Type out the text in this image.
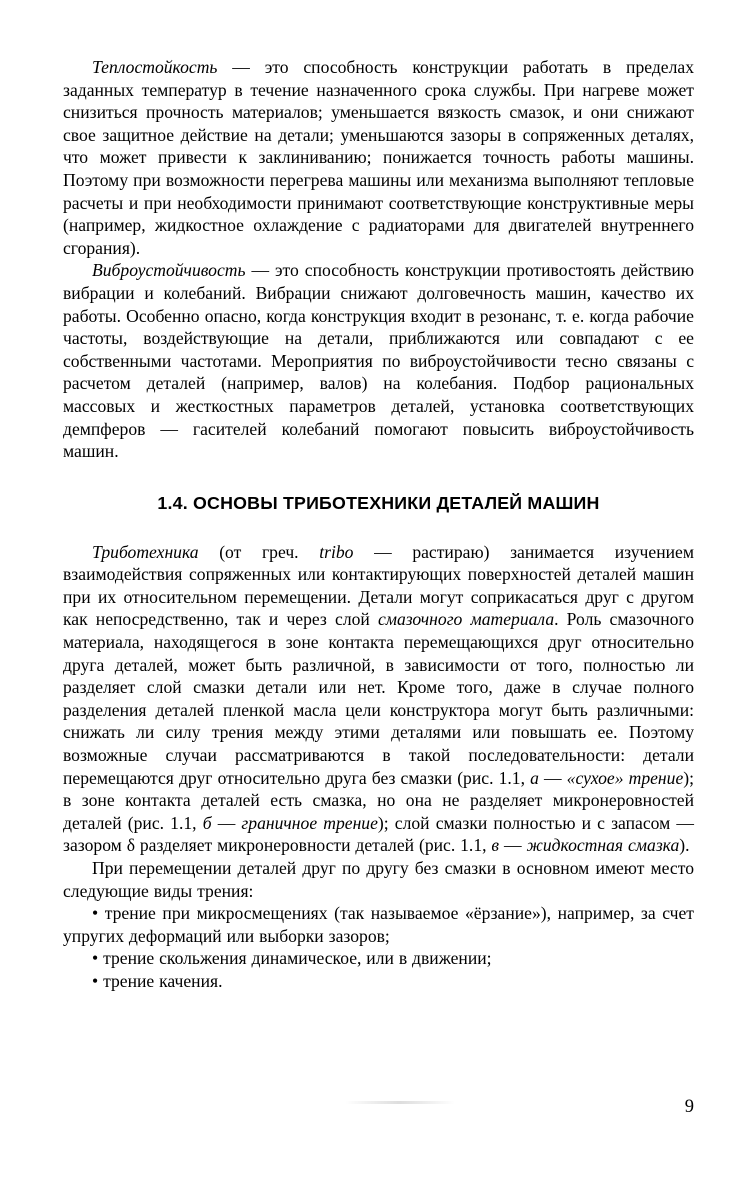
Теплостойкость — это способность конструкции работать в пределах заданных температур в течение назначенного срока службы. При нагреве может снизиться прочность материалов; уменьшается вязкость смазок, и они снижают свое защитное действие на детали; уменьшаются зазоры в сопряженных деталях, что может привести к заклиниванию; понижается точность работы машины. Поэтому при возможности перегрева машины или механизма выполняют тепловые расчеты и при необходимости принимают соответствующие конструктивные меры (например, жидкостное охлаждение с радиаторами для двигателей внутреннего сгорания).

Виброустойчивость — это способность конструкции противостоять действию вибрации и колебаний. Вибрации снижают долговечность машин, качество их работы. Особенно опасно, когда конструкция входит в резонанс, т. е. когда рабочие частоты, воздействующие на детали, приближаются или совпадают с ее собственными частотами. Мероприятия по виброустойчивости тесно связаны с расчетом деталей (например, валов) на колебания. Подбор рациональных массовых и жесткостных параметров деталей, установка соответствующих демпферов — гасителей колебаний помогают повысить виброустойчивость машин.

1.4. ОСНОВЫ ТРИБОТЕХНИКИ ДЕТАЛЕЙ МАШИН

Триботехника (от греч. tribo — растираю) занимается изучением взаимодействия сопряженных или контактирующих поверхностей деталей машин при их относительном перемещении. Детали могут соприкасаться друг с другом как непосредственно, так и через слой смазочного материала. Роль смазочного материала, находящегося в зоне контакта перемещающихся друг относительно друга деталей, может быть различной, в зависимости от того, полностью ли разделяет слой смазки детали или нет. Кроме того, даже в случае полного разделения деталей пленкой масла цели конструктора могут быть различными: снижать ли силу трения между этими деталями или повышать ее. Поэтому возможные случаи рассматриваются в такой последовательности: детали перемещаются друг относительно друга без смазки (рис. 1.1, а — «сухое» трение); в зоне контакта деталей есть смазка, но она не разделяет микронеровностей деталей (рис. 1.1, б — граничное трение); слой смазки полностью и с запасом — зазором δ разделяет микронеровности деталей (рис. 1.1, в — жидкостная смазка).

При перемещении деталей друг по другу без смазки в основном имеют место следующие виды трения:

• трение при микросмещениях (так называемое «ёрзание»), например, за счет упругих деформаций или выборки зазоров;

• трение скольжения динамическое, или в движении;

• трение качения.

9
